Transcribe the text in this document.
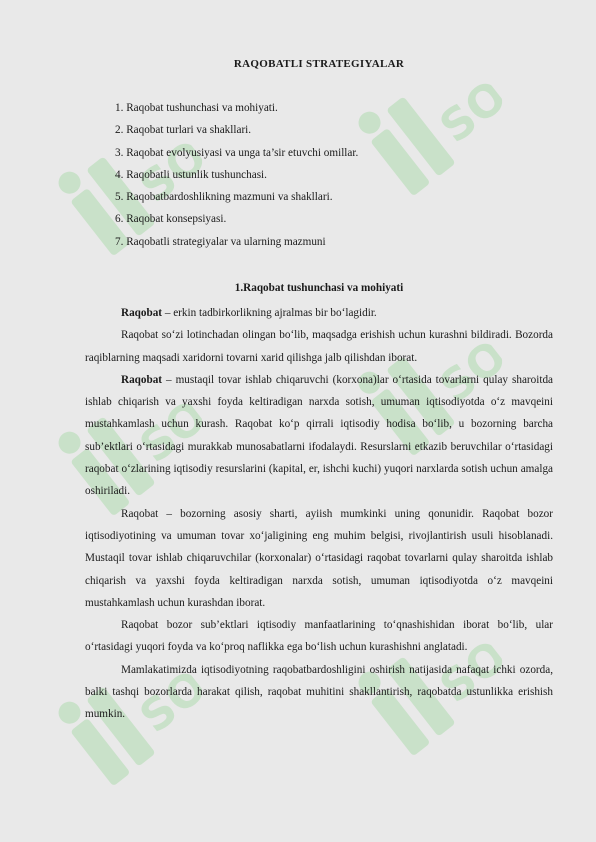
SOFT
SOFT
SOFT
SOFT
SOFT	SOFT
RAQOBATLI STRATEGIYALAR
1. Raqobat tushunchasi va mohiyati.
2. Raqobat turlari va shakllari.
3. Raqobat evolyusiyasi va unga ta’sir etuvchi omillar.
4. Raqobatli ustunlik tushunchasi.
5. Raqobatbardoshlikning mazmuni va shakllari.
6. Raqobat konsepsiyasi.
7. Raqobatli strategiyalar va ularning mazmuni
1.Raqobat tushunchasi va mohiyati

Raqobat – erkin tadbirkorlikning ajralmas bir bo‘lagidir.

Raqobat so‘zi lotinchadan olingan bo‘lib, maqsadga erishish uchun kurashni bildiradi. Bozorda raqiblarning maqsadi xaridorni tovarni xarid qilishga jalb qilishdan iborat.

Raqobat – mustaqil tovar ishlab chiqaruvchi (korxona)lar o‘rtasida tovarlarni qulay sharoitda ishlab chiqarish va yaxshi foyda keltiradigan narxda sotish, umuman iqtisodiyotda o‘z mavqeini mustahkamlash uchun kurash. Raqobat ko‘p qirrali iqtisodiy hodisa bo‘lib, u bozorning barcha sub’ektlari o‘rtasidagi murakkab munosabatlarni ifodalaydi. Resurslarni etkazib beruvchilar o‘rtasidagi raqobat o‘zlarining iqtisodiy resurslarini (kapital, er, ishchi kuchi) yuqori narxlarda sotish uchun amalga oshiriladi.

Raqobat – bozorning asosiy sharti, ayiish mumkinki uning qonunidir. Raqobat bozor iqtisodiyotining va umuman tovar xo‘jaligining eng muhim belgisi, rivojlantirish usuli hisoblanadi. Mustaqil tovar ishlab chiqaruvchilar (korxonalar) o‘rtasidagi raqobat tovarlarni qulay sharoitda ishlab chiqarish va yaxshi foyda keltiradigan narxda sotish, umuman iqtisodiyotda o‘z mavqeini mustahkamlash uchun kurashdan iborat.

Raqobat bozor sub’ektlari iqtisodiy manfaatlarining to‘qnashishidan iborat bo‘lib, ular o‘rtasidagi yuqori foyda va ko‘proq naflikka ega bo‘lish uchun kurashishni anglatadi.

Mamlakatimizda iqtisodiyotning raqobatbardoshligini oshirish natijasida nafaqat ichki ozorda, balki tashqi bozorlarda harakat qilish, raqobat muhitini shakllantirish, raqobatda ustunlikka erishish mumkin.
